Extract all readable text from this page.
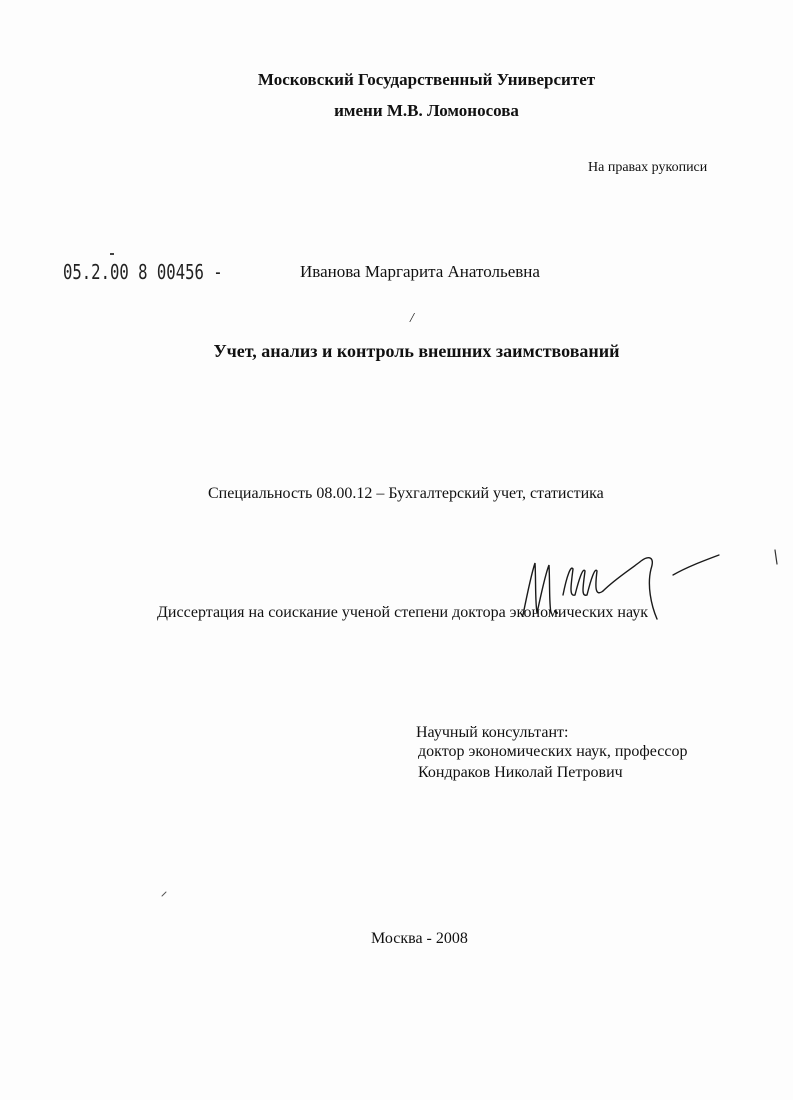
Московский Государственный Университет
имени М.В. Ломоносова
На правах рукописи
05.2.00 8 00456 -	Иванова Маргарита Анатольевна
/
Учет, анализ и контроль внешних заимствований
Специальность 08.00.12 – Бухгалтерский учет, статистика
Диссертация на соискание ученой степени доктора экономических наук
Научный консультант:
доктор экономических наук, профессор
Кондраков Николай Петрович
Москва - 2008
